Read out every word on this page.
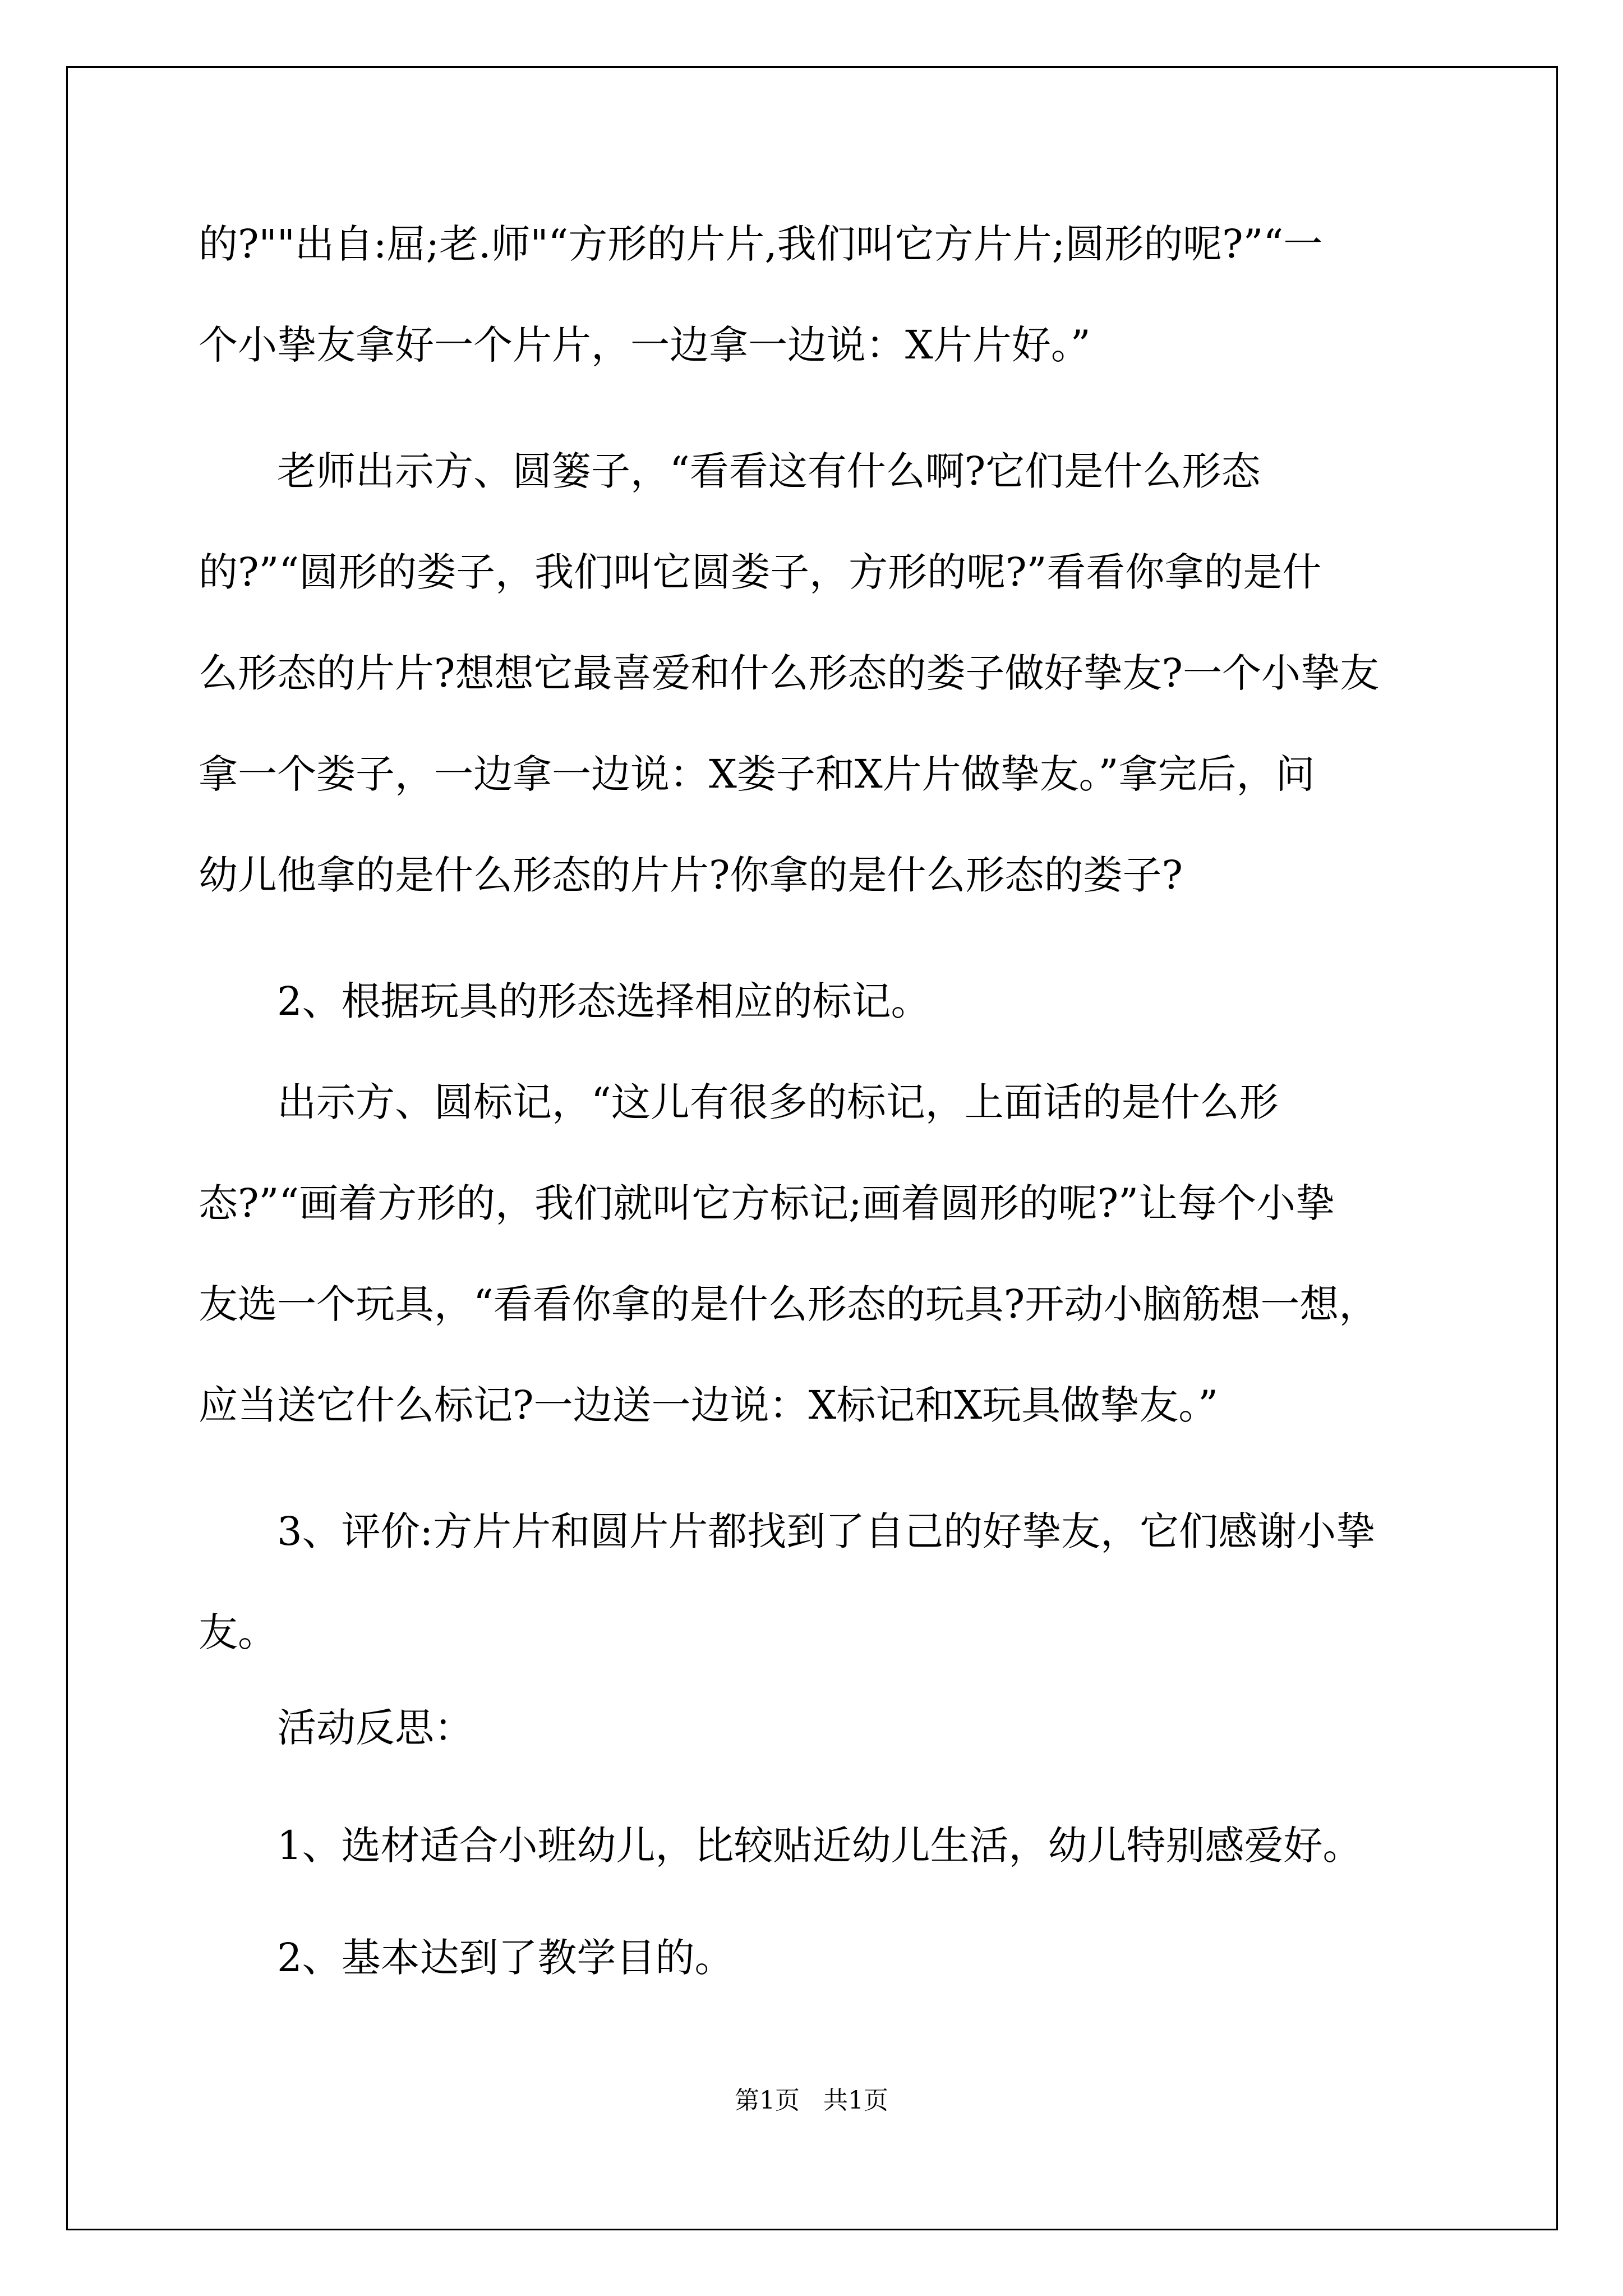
的?""出自:屈;老.师"“方形的片片,我们叫它方片片;圆形的呢?”“一
个小挚友拿好一个片片，一边拿一边说：X片片好。”
老师出示方、圆篓子，“看看这有什么啊?它们是什么形态
的?”“圆形的娄子，我们叫它圆娄子，方形的呢?”看看你拿的是什
么形态的片片?想想它最喜爱和什么形态的娄子做好挚友?一个小挚友
拿一个娄子，一边拿一边说：X娄子和X片片做挚友。”拿完后，问
幼儿他拿的是什么形态的片片?你拿的是什么形态的娄子?
2、根据玩具的形态选择相应的标记。
出示方、圆标记，“这儿有很多的标记，上面话的是什么形
态?”“画着方形的，我们就叫它方标记;画着圆形的呢?”让每个小挚
友选一个玩具，“看看你拿的是什么形态的玩具?开动小脑筋想一想，
应当送它什么标记?一边送一边说：X标记和X玩具做挚友。”
3、评价:方片片和圆片片都找到了自己的好挚友，它们感谢小挚
友。
活动反思：
1、选材适合小班幼儿，比较贴近幼儿生活，幼儿特别感爱好。
2、基本达到了教学目的。
第1页   共1页
